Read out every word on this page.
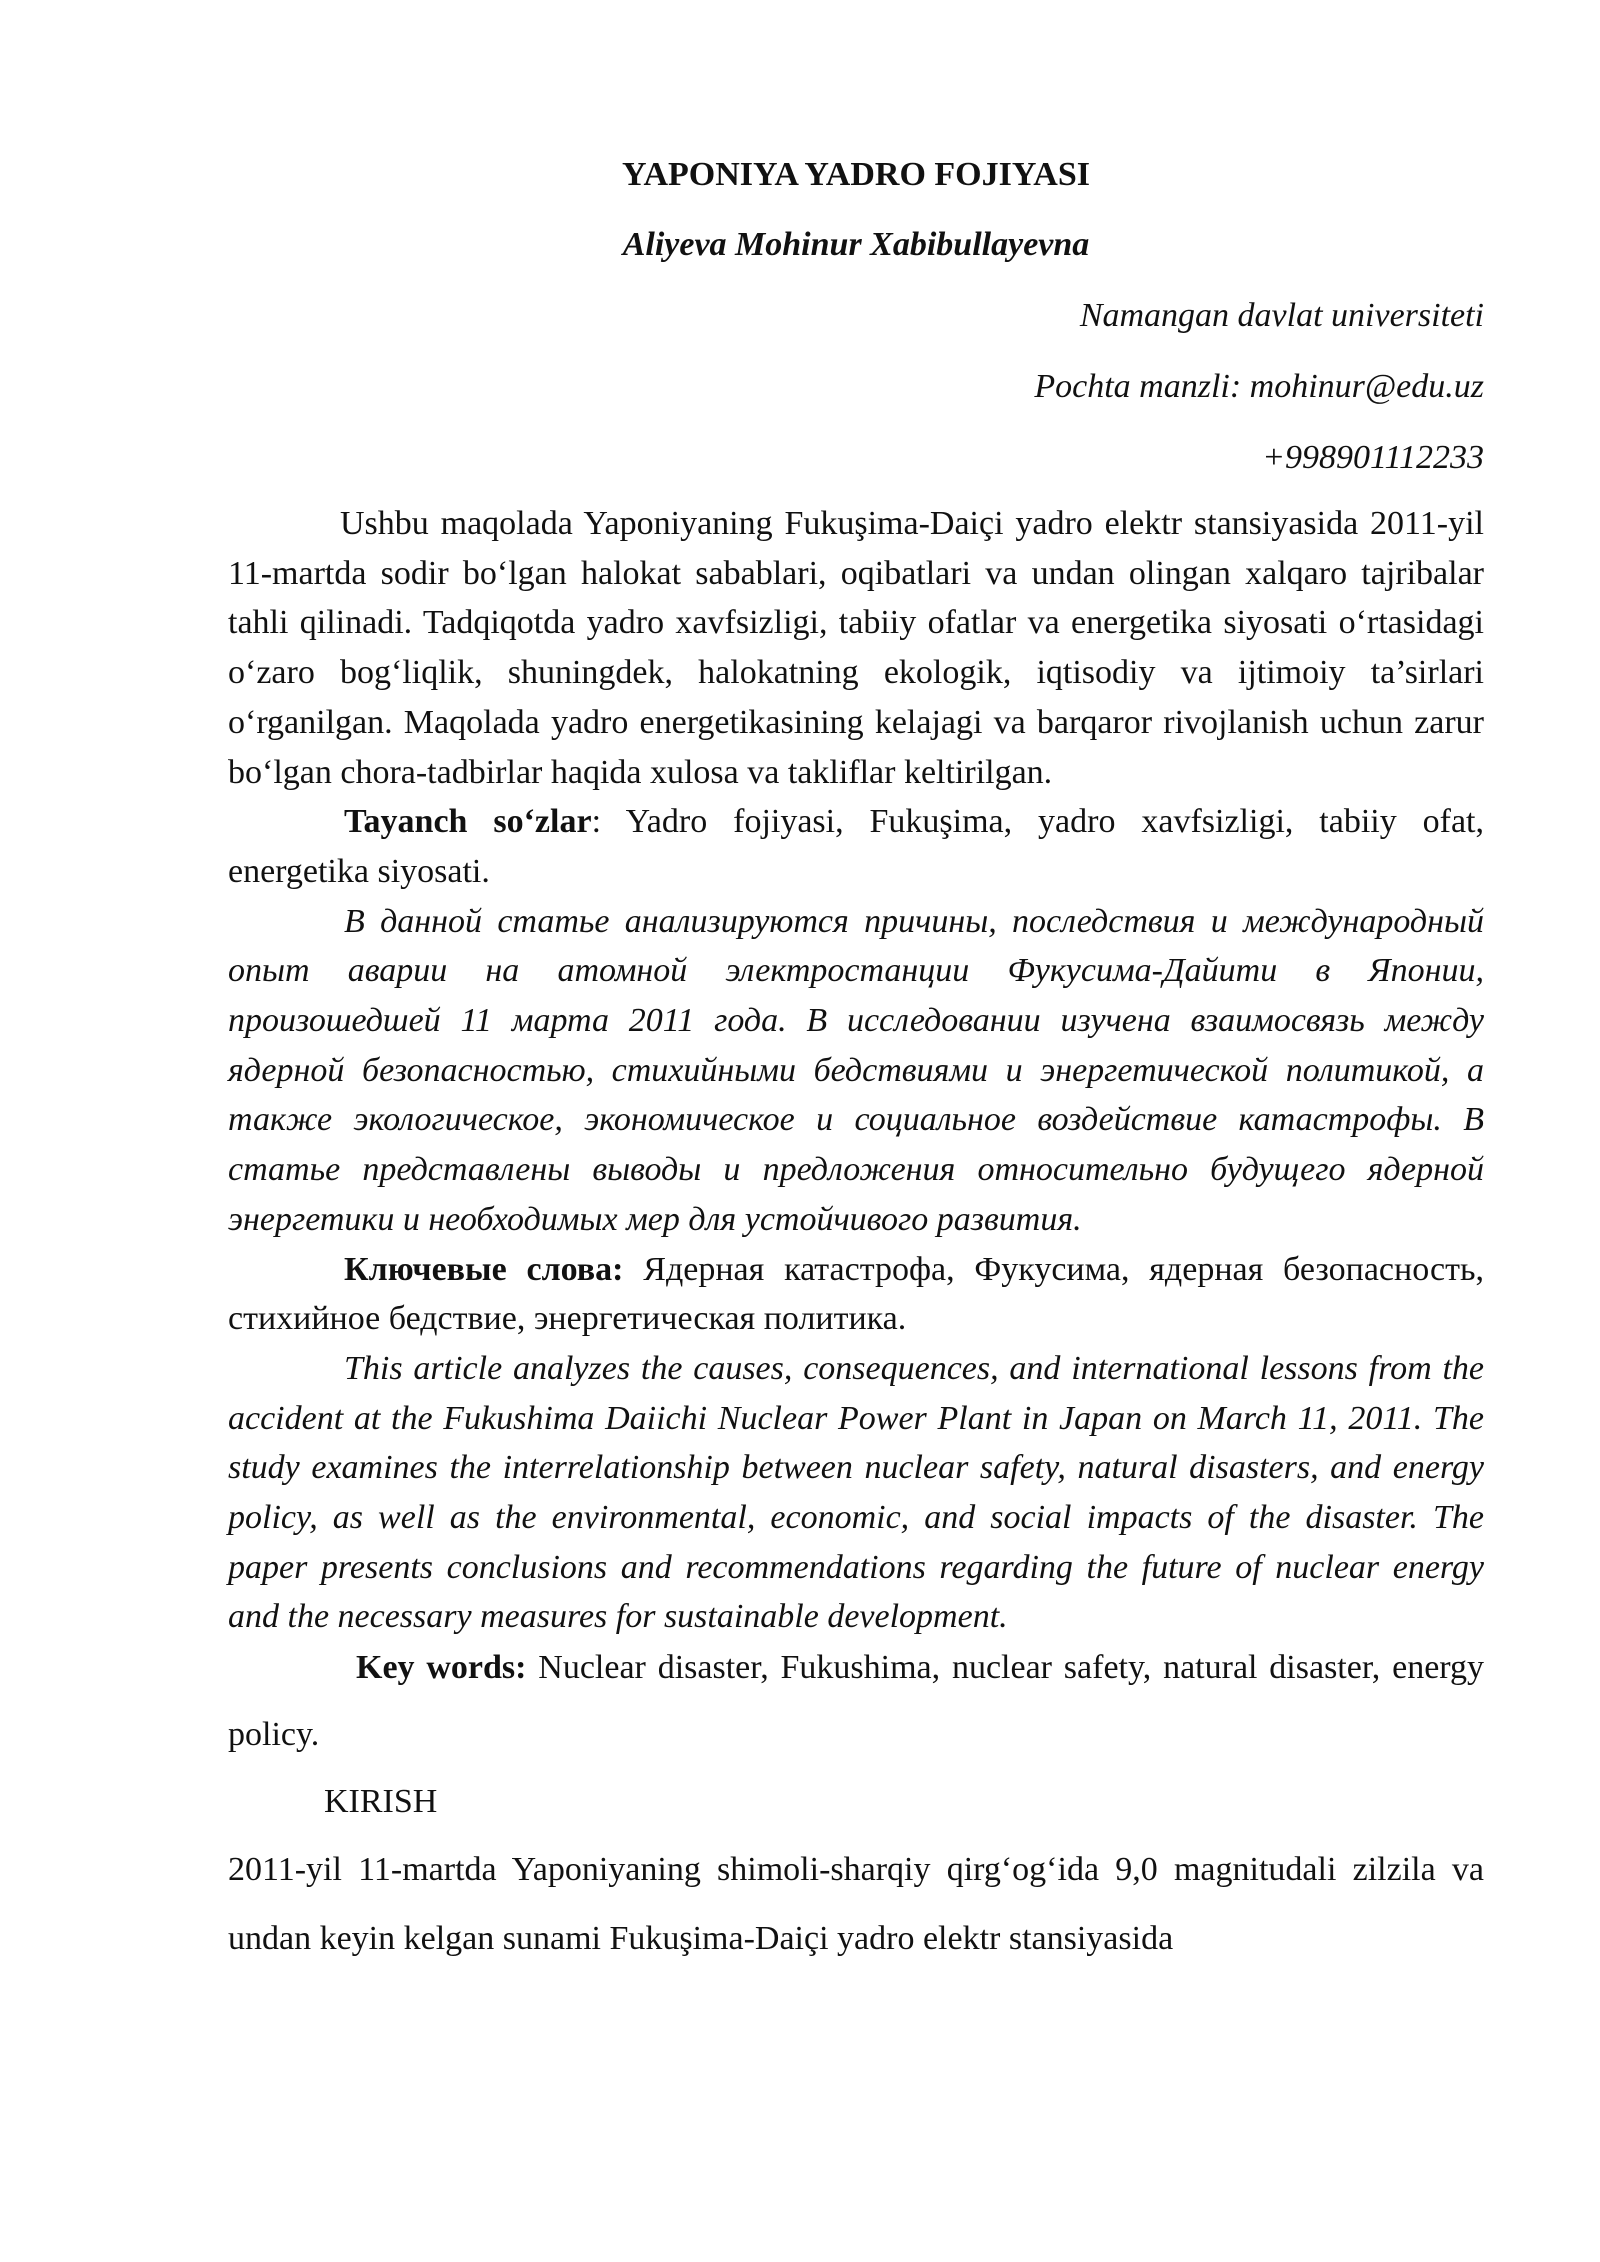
YAPONIYA YADRO FOJIYASI
Aliyeva Mohinur Xabibullayevna
Namangan davlat universiteti
Pochta manzli: mohinur@edu.uz
+998901112233

Ushbu maqolada Yaponiyaning Fukuşima-Daiçi yadro elektr stansiyasida 2011-yil 11-martda sodir bo‘lgan halokat sabablari, oqibatlari va undan olingan xalqaro tajribalar tahli qilinadi. Tadqiqotda yadro xavfsizligi, tabiiy ofatlar va energetika siyosati o‘rtasidagi o‘zaro bog‘liqlik, shuningdek, halokatning ekologik, iqtisodiy va ijtimoiy ta’sirlari o‘rganilgan. Maqolada yadro energetikasining kelajagi va barqaror rivojlanish uchun zarur bo‘lgan chora-tadbirlar haqida xulosa va takliflar keltirilgan.

Tayanch so‘zlar: Yadro fojiyasi, Fukuşima, yadro xavfsizligi, tabiiy ofat, energetika siyosati.

В данной статье анализируются причины, последствия и международный опыт аварии на атомной электростанции Фукусима-Дайити в Японии, произошедшей 11 марта 2011 года. В исследовании изучена взаимосвязь между ядерной безопасностью, стихийными бедствиями и энергетической политикой, а также экологическое, экономическое и социальное воздействие катастрофы. В статье представлены выводы и предложения относительно будущего ядерной энергетики и необходимых мер для устойчивого развития.

Ключевые слова: Ядерная катастрофа, Фукусима, ядерная безопасность, стихийное бедствие, энергетическая политика.

This article analyzes the causes, consequences, and international lessons from the accident at the Fukushima Daiichi Nuclear Power Plant in Japan on March 11, 2011. The study examines the interrelationship between nuclear safety, natural disasters, and energy policy, as well as the environmental, economic, and social impacts of the disaster. The paper presents conclusions and recommendations regarding the future of nuclear energy and the necessary measures for sustainable development.

Key words: Nuclear disaster, Fukushima, nuclear safety, natural disaster, energy policy.

KIRISH

2011-yil 11-martda Yaponiyaning shimoli-sharqiy qirg‘og‘ida 9,0 magnitudali zilzila va undan keyin kelgan sunami Fukuşima-Daiçi yadro elektr stansiyasida
